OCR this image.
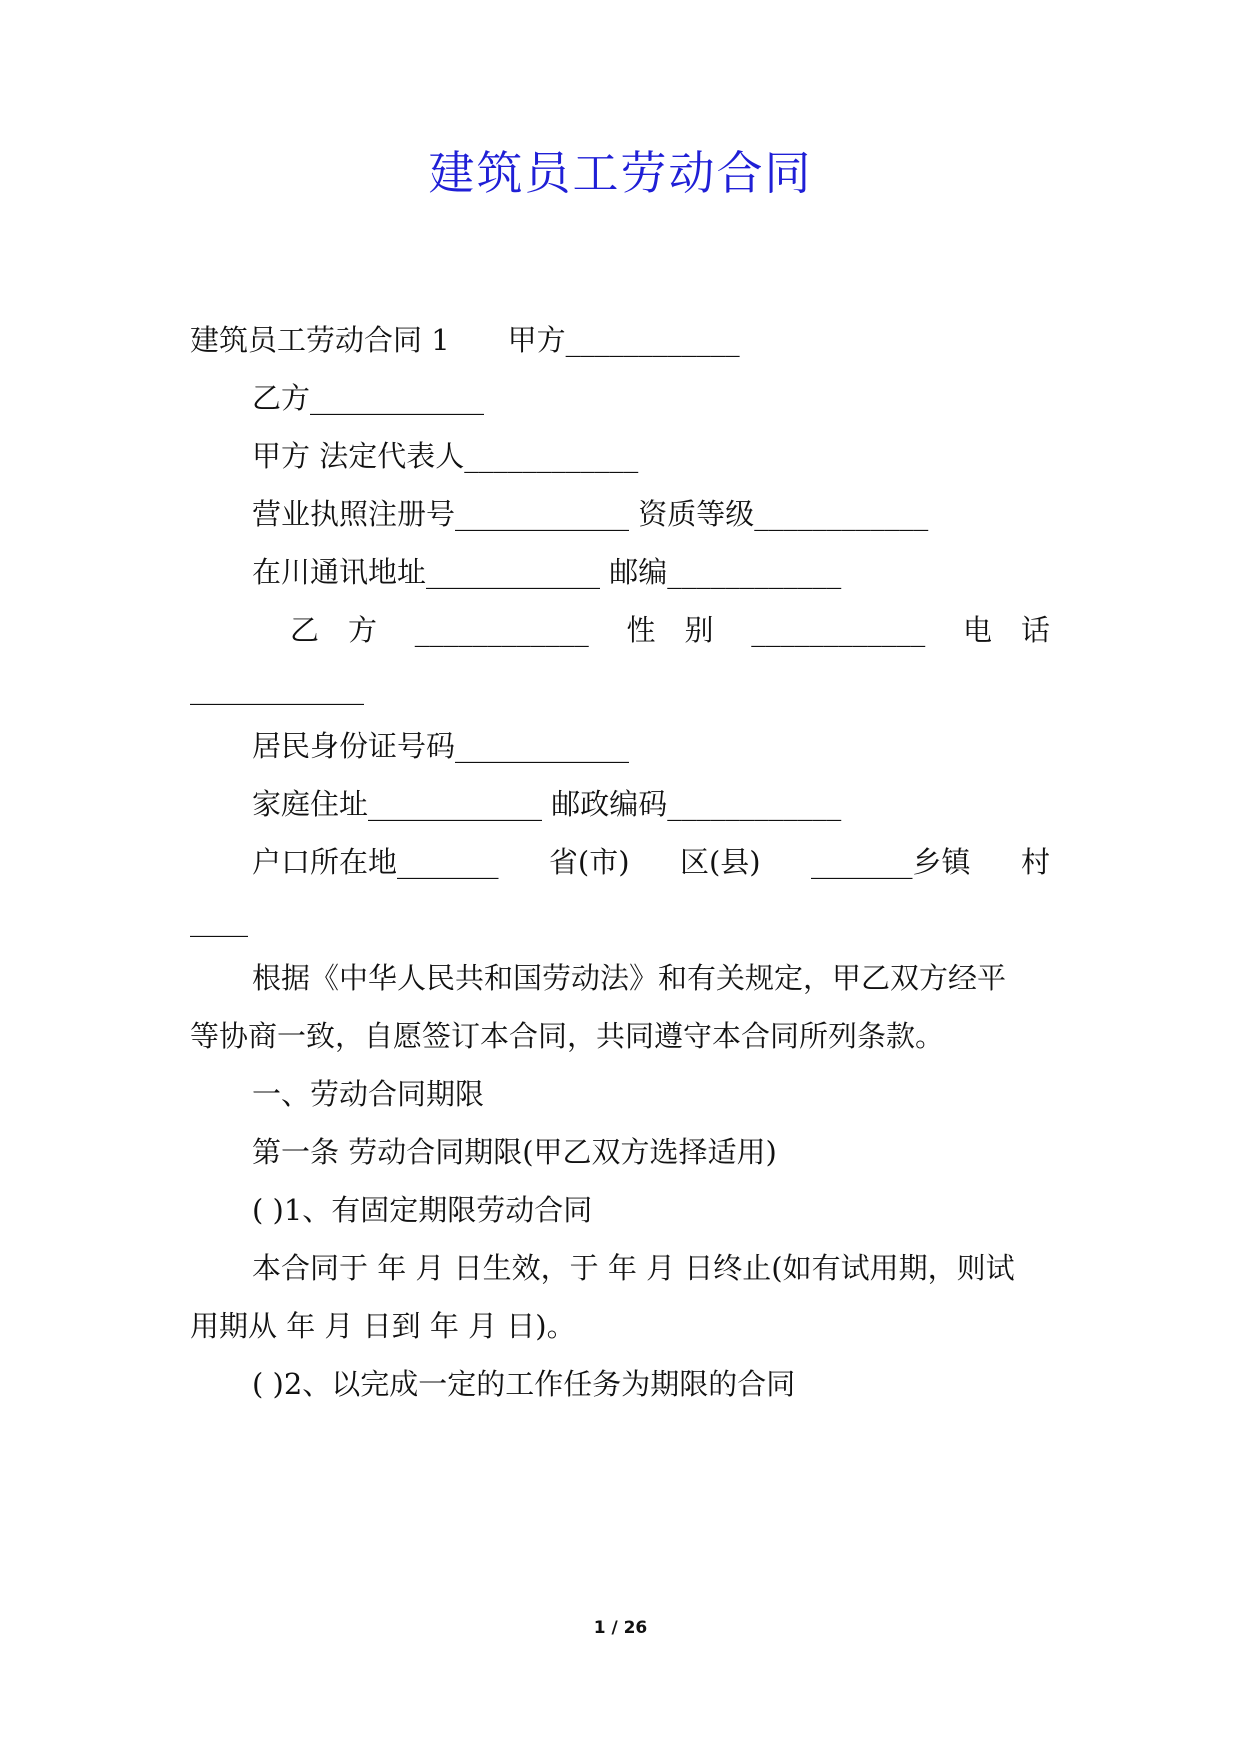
建筑员工劳动合同
建筑员工劳动合同 1　　甲方____________
乙方____________
甲方 法定代表人____________
营业执照注册号____________ 资质等级____________
在川通讯地址____________ 邮编____________
乙　方 ____________ 性　别 ____________ 电　话
____________
居民身份证号码____________
家庭住址____________ 邮政编码____________
户口所在地_______ 省(市) 区(县) _______乡镇 村
____
根据《中华人民共和国劳动法》和有关规定，甲乙双方经平
等协商一致，自愿签订本合同，共同遵守本合同所列条款。
一、劳动合同期限
第一条 劳动合同期限(甲乙双方选择适用)
( )1、有固定期限劳动合同
本合同于 年 月 日生效，于 年 月 日终止(如有试用期，则试
用期从 年 月 日到 年 月 日)。
( )2、以完成一定的工作任务为期限的合同
1 / 26
